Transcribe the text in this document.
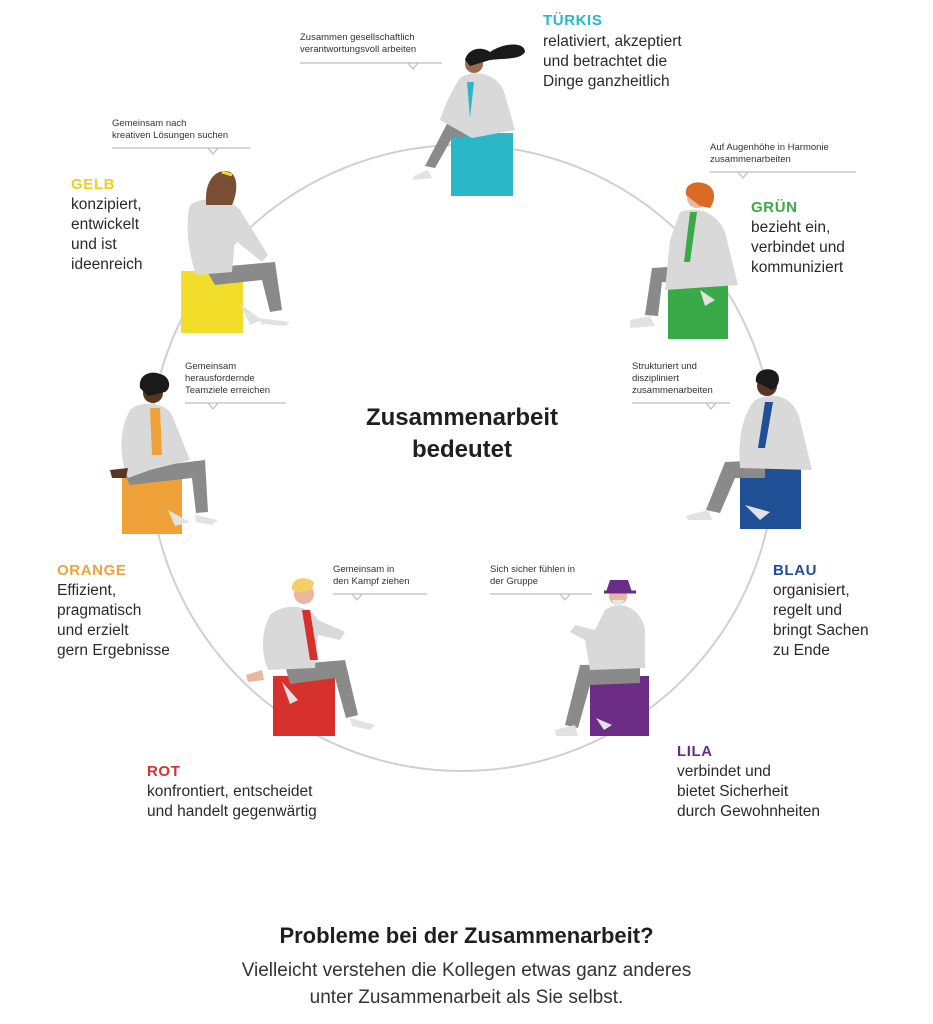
Zusammen gesellschaftlich
verantwortungsvoll arbeiten

TÜRKIS

relativiert, akzeptiert
und betrachtet die
Dinge ganzheitlich

Gemeinsam nach
kreativen Lösungen suchen

GELB

konzipiert,
entwickelt
und ist
ideenreich

Auf Augenhöhe in Harmonie
zusammenarbeiten

GRÜN

bezieht ein,
verbindet und
kommuniziert

Gemeinsam
herausfordernde
Teamziele erreichen

ORANGE

Effizient,
pragmatisch
und erzielt
gern Ergebnisse

Strukturiert und
diszipliniert
zusammenarbeiten

BLAU

organisiert,
regelt und
bringt Sachen
zu Ende

Gemeinsam in
den Kampf ziehen

ROT

konfrontiert, entscheidet
und handelt gegenwärtig

Sich sicher fühlen in
der Gruppe

LILA

verbindet und
bietet Sicherheit
durch Gewohnheiten

Zusammenarbeit
bedeutet

Probleme bei der Zusammenarbeit?

Vielleicht verstehen die Kollegen etwas ganz anderes
unter Zusammenarbeit als Sie selbst.
